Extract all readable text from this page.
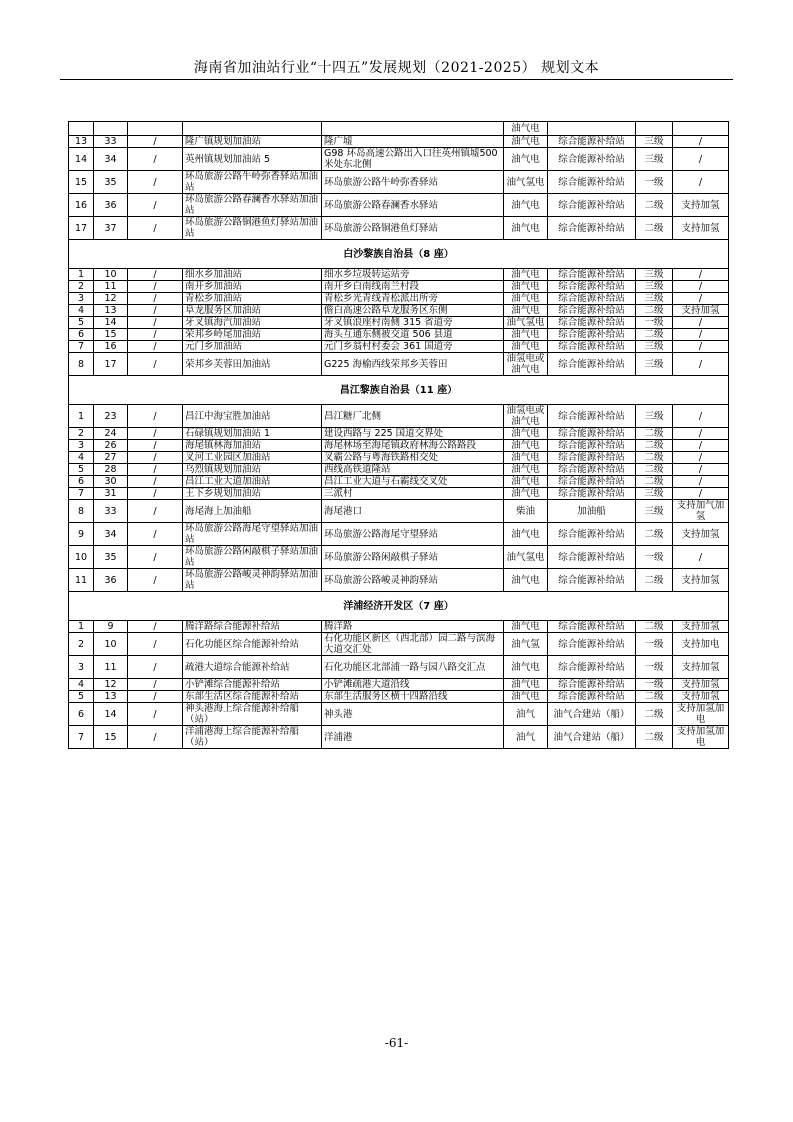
海南省加油站行业“十四五”发展规划（2021-2025） 规划文本
					油气电			
13	33	/	隆广镇规划加油站	隆广墟	油气电	综合能源补给站	三级	/
14	34	/	英州镇规划加油站 5	G98 环岛高速公路出入口往英州镇墟500 米处东北侧	油气电	综合能源补给站	三级	/
15	35	/	环岛旅游公路牛岭弥香驿站加油站	环岛旅游公路牛岭弥香驿站	油气氢电	综合能源补给站	一级	/
16	36	/	环岛旅游公路春澜香水驿站加油站	环岛旅游公路春澜香水驿站	油气电	综合能源补给站	二级	支持加氢
17	37	/	环岛旅游公路铜港鱼灯驿站加油站	环岛旅游公路铜港鱼灯驿站	油气电	综合能源补给站	二级	支持加氢
白沙黎族自治县（8 座）								
1	10	/	细水乡加油站	细水乡垃圾转运站旁	油气电	综合能源补给站	三级	/
2	11	/	南开乡加油站	南开乡白南线南兰村段	油气电	综合能源补给站	三级	/
3	12	/	青松乡加油站	青松乡光青线青松派出所旁	油气电	综合能源补给站	三级	/
4	13	/	阜龙服务区加油站	儋白高速公路阜龙服务区东侧	油气电	综合能源补给站	二级	支持加氢
5	14	/	牙叉镇海汽加油站	牙叉镇浪座村南侧 315 省道旁	油气氢电	综合能源补给站	一级	/
6	15	/	荣邦乡岭尾加油站	海头互通东侧被交道 506 县道	油气电	综合能源补给站	二级	/
7	16	/	元门乡加油站	元门乡翁村村委会 361 国道旁	油气电	综合能源补给站	三级	/
8	17	/	荣邦乡芙蓉田加油站	G225 海榆西线荣邦乡芙蓉田	油氢电或油气电	综合能源补给站	三级	/
昌江黎族自治县（11 座）								
1	23	/	昌江中海宝胜加油站	昌江糖厂北侧	油氢电或油气电	综合能源补给站	三级	/
2	24	/	石碌镇规划加油站 1	建设西路与 225 国道交界处	油气电	综合能源补给站	二级	/
3	26	/	海尾镇林海加油站	海尾林场至海尾镇政府林海公路路段	油气电	综合能源补给站	二级	/
4	27	/	叉河工业园区加油站	叉霸公路与粤海铁路相交处	油气电	综合能源补给站	二级	/
5	28	/	乌烈镇规划加油站	西线高铁道隆站	油气电	综合能源补给站	二级	/
6	30	/	昌江工业大道加油站	昌江工业大道与石霸线交叉处	油气电	综合能源补给站	二级	/
7	31	/	王下乡规划加油站	三派村	油气电	综合能源补给站	三级	/
8	33	/	海尾海上加油船	海尾港口	柴油	加油船	三级	支持加气加氢
9	34	/	环岛旅游公路海尾守望驿站加油站	环岛旅游公路海尾守望驿站	油气电	综合能源补给站	二级	支持加氢
10	35	/	环岛旅游公路闲敲棋子驿站加油站	环岛旅游公路闲敲棋子驿站	油气氢电	综合能源补给站	一级	/
11	36	/	环岛旅游公路峻灵神韵驿站加油站	环岛旅游公路峻灵神韵驿站	油气电	综合能源补给站	二级	支持加氢
洋浦经济开发区（7 座）								
1	9	/	腾洋路综合能源补给站	腾洋路	油气电	综合能源补给站	二级	支持加氢
2	10	/	石化功能区综合能源补给站	石化功能区新区（西北部）园二路与滨海大道交汇处	油气氢	综合能源补给站	一级	支持加电
3	11	/	疏港大道综合能源补给站	石化功能区北部浦一路与园八路交汇点	油气电	综合能源补给站	一级	支持加氢
4	12	/	小铲滩综合能源补给站	小铲滩疏港大道沿线	油气电	综合能源补给站	一级	支持加氢
5	13	/	东部生活区综合能源补给站	东部生活服务区横十四路沿线	油气电	综合能源补给站	二级	支持加氢
6	14	/	神头港海上综合能源补给船（站）	神头港	油气	油气合建站（船）	二级	支持加氢加电
7	15	/	洋浦港海上综合能源补给船（站）	洋浦港	油气	油气合建站（船）	二级	支持加氢加电
-61-
